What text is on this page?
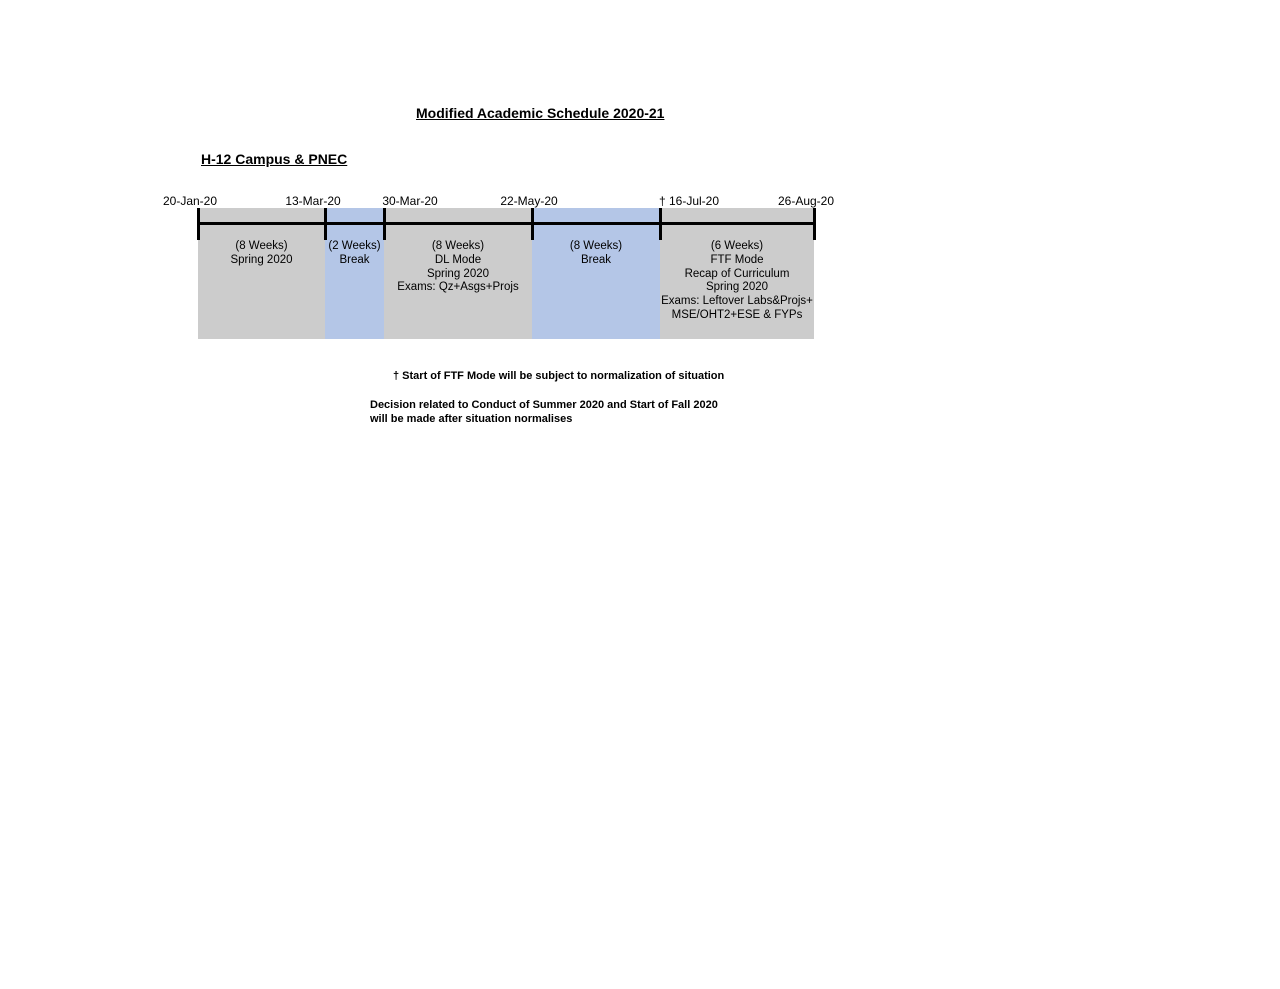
Modified Academic Schedule 2020-21
H-12 Campus & PNEC
20-Jan-20	13-Mar-20	30-Mar-20	22-May-20	† 16-Jul-20	26-Aug-20
(8 Weeks)
Spring 2020
(2 Weeks)
Break
(8 Weeks)
DL Mode
Spring 2020
Exams: Qz+Asgs+Projs
(8 Weeks)
Break
(6 Weeks)
FTF Mode
Recap of Curriculum
Spring 2020
Exams: Leftover Labs&Projs+
MSE/OHT2+ESE & FYPs
† Start of FTF Mode will be subject to normalization of situation
Decision related to Conduct of Summer 2020 and Start of Fall 2020
will be made after situation normalises
